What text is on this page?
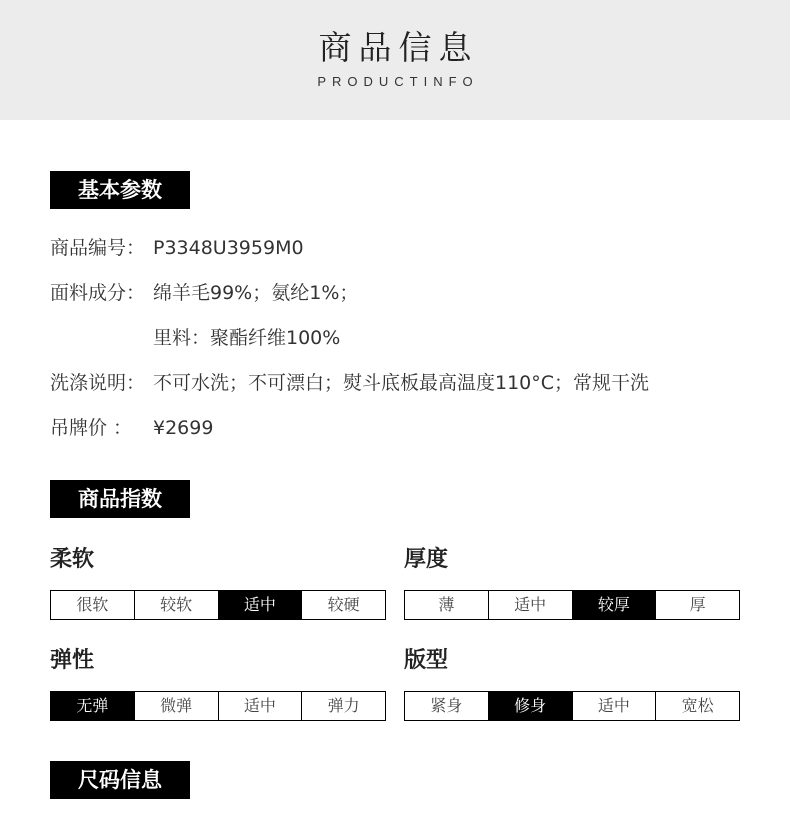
商品信息
PRODUCTINFO
基本参数
商品编号： P3348U3959M0
面料成分： 绵羊毛99%；氨纶1%；
里料：聚酯纤维100%
洗涤说明： 不可水洗；不可漂白；熨斗底板最高温度110°C；常规干洗
吊牌价 ：	¥2699
商品指数
柔软
很软	较软	适中	较硬
厚度
薄	适中	较厚	厚
弹性
无弹	微弹	适中	弹力
版型
紧身	修身	适中	宽松
尺码信息
